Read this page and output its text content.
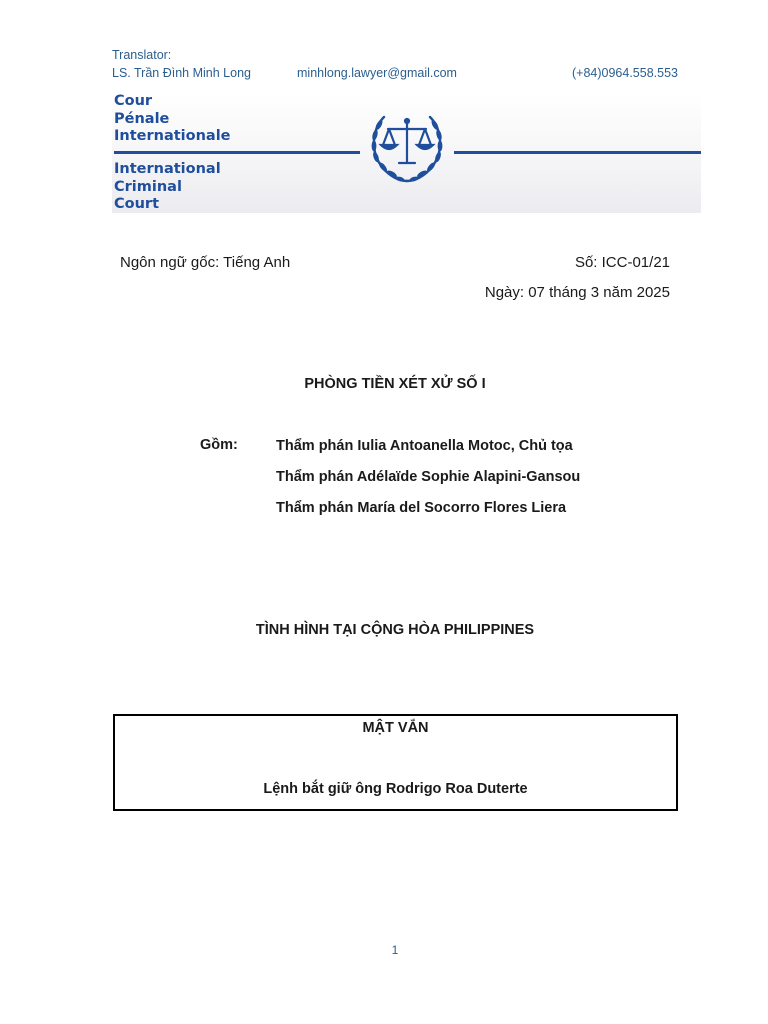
Translator:
LS. Trần Đình Minh Long	minhlong.lawyer@gmail.com	(+84)0964.558.553
Cour
Pénale
Internationale
International
Criminal
Court
Ngôn ngữ gốc: Tiếng Anh	Số: ICC-01/21
Ngày: 07 tháng 3 năm 2025
PHÒNG TIỀN XÉT XỬ SỐ I
Gồm:	Thẩm phán Iulia Antoanella Motoc, Chủ tọa
Thẩm phán Adélaïde Sophie Alapini-Gansou
Thẩm phán María del Socorro Flores Liera
TÌNH HÌNH TẠI CỘNG HÒA PHILIPPINES
MẬT VẮN
Lệnh bắt giữ ông Rodrigo Roa Duterte
1
